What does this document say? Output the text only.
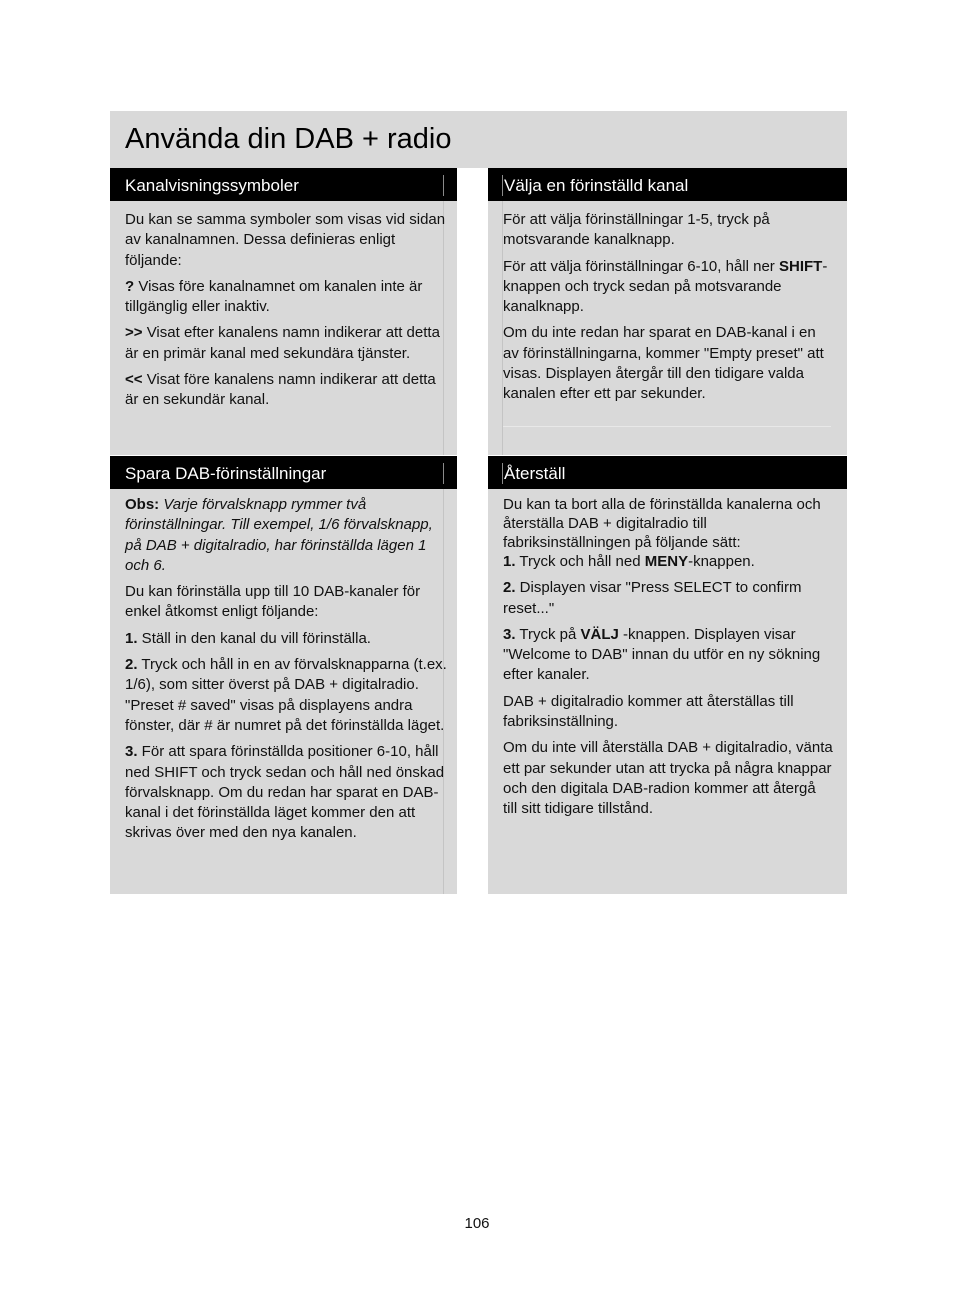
Använda din DAB + radio
Kanalvisningssymboler

Du kan se samma symboler som visas vid sidan av kanalnamnen. Dessa definieras enligt följande:

? Visas före kanalnamnet om kanalen inte är tillgänglig eller inaktiv.

>> Visat efter kanalens namn indikerar att detta är en primär kanal med sekundära tjänster.

<< Visat före kanalens namn indikerar att detta är en sekundär kanal.

Välja en förinställd kanal

För att välja förinställningar 1-5, tryck på motsvarande kanalknapp.

För att välja förinställningar 6-10, håll ner SHIFT-knappen och tryck sedan på motsvarande kanalknapp.

Om du inte redan har sparat en DAB-kanal i en av förinställningarna, kommer "Empty preset" att visas. Displayen återgår till den tidigare valda kanalen efter ett par sekunder.

Spara DAB-förinställningar

Obs: Varje förvalsknapp rymmer två förinställningar. Till exempel, 1/6 förvalsknapp, på DAB + digitalradio, har förinställda lägen 1 och 6.

Du kan förinställa upp till 10 DAB-kanaler för enkel åtkomst enligt följande:

1. Ställ in den kanal du vill förinställa.

2. Tryck och håll in en av förvalsknapparna (t.ex. 1/6), som sitter överst på DAB + digitalradio. "Preset # saved" visas på displayens andra fönster, där # är numret på det förinställda läget.

3. För att spara förinställda positioner 6-10, håll ned SHIFT och tryck sedan och håll ned önskad förvalsknapp. Om du redan har sparat en DAB-kanal i det förinställda läget kommer den att skrivas över med den nya kanalen.

Återställ

Du kan ta bort alla de förinställda kanalerna och återställa DAB + digitalradio till fabriksinställningen på följande sätt:

1. Tryck och håll ned MENY-knappen.

2. Displayen visar "Press SELECT to confirm reset..."

3. Tryck på VÄLJ -knappen. Displayen visar "Welcome to DAB" innan du utför en ny sökning efter kanaler.

DAB + digitalradio kommer att återställas till fabriksinställning.

Om du inte vill återställa DAB + digitalradio, vänta ett par sekunder utan att trycka på några knappar och den digitala DAB-radion kommer att återgå till sitt tidigare tillstånd.

106
